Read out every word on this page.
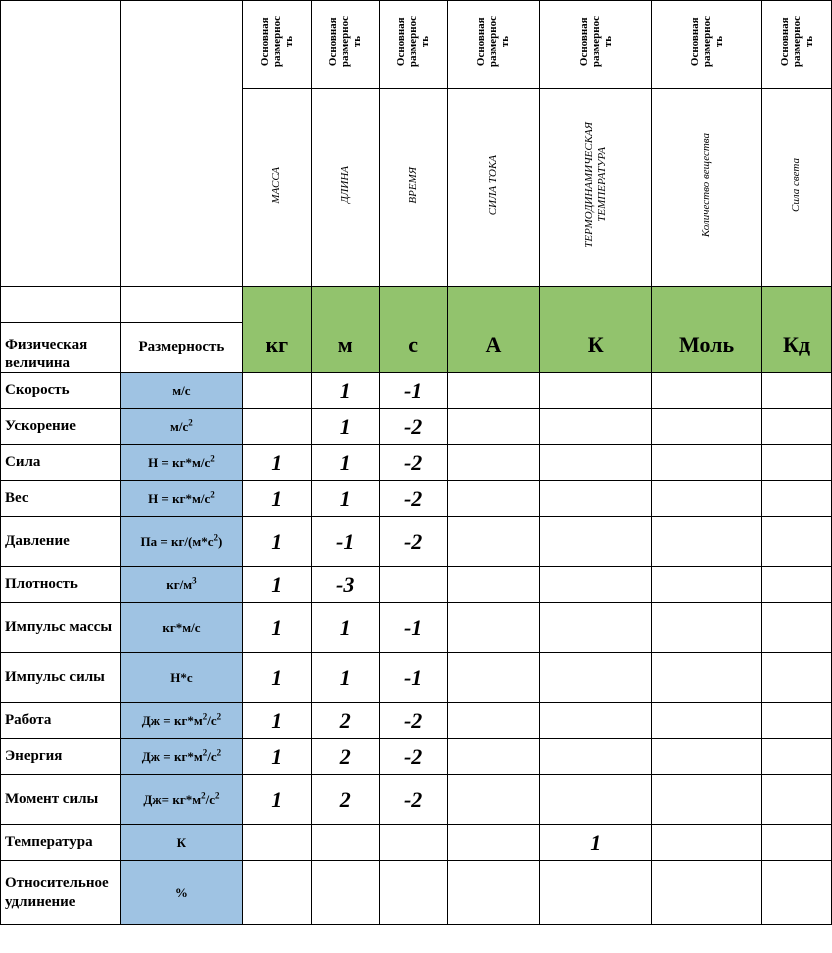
		Основная
размернос
ть	Основная
размернос
ть	Основная
размернос
ть	Основная
размернос
ть	Основная
размернос
ть	Основная
размернос
ть	Основная
размернос
ть
		МАССА	ДЛИНА	ВРЕМЯ	СИЛА ТОКА	ТЕРМОДИНАМИЧЕСКАЯ
ТЕМПЕРАТУРА	Количество вещества	Сила света

		кг	м	с	А	К	Моль	Кд

Физическая величина	Размерность							
Скорость	м/с		1	-1				
Ускорение	$м/с^2$		1	-2				
Сила	$Н = кг*м/с^2$	1	1	-2				
Вес	$Н = кг*м/с^2$	1	1	-2				
Давление	Па = $кг/(м*с^2)$	1	-1	-2				
Плотность	$кг/м^3$	1	-3					
Импульс массы	кг*м/с	1	1	-1				
Импульс силы	Н*с	1	1	-1				
Работа	Дж = $кг*м^2/с^2$	1	2	-2				
Энергия	Дж = $кг*м^2/с^2$	1	2	-2				
Момент силы	$Дж= кг*м^2/с^2$	1	2	-2				
Температура	К					1		
Относительное удлинение	%							
